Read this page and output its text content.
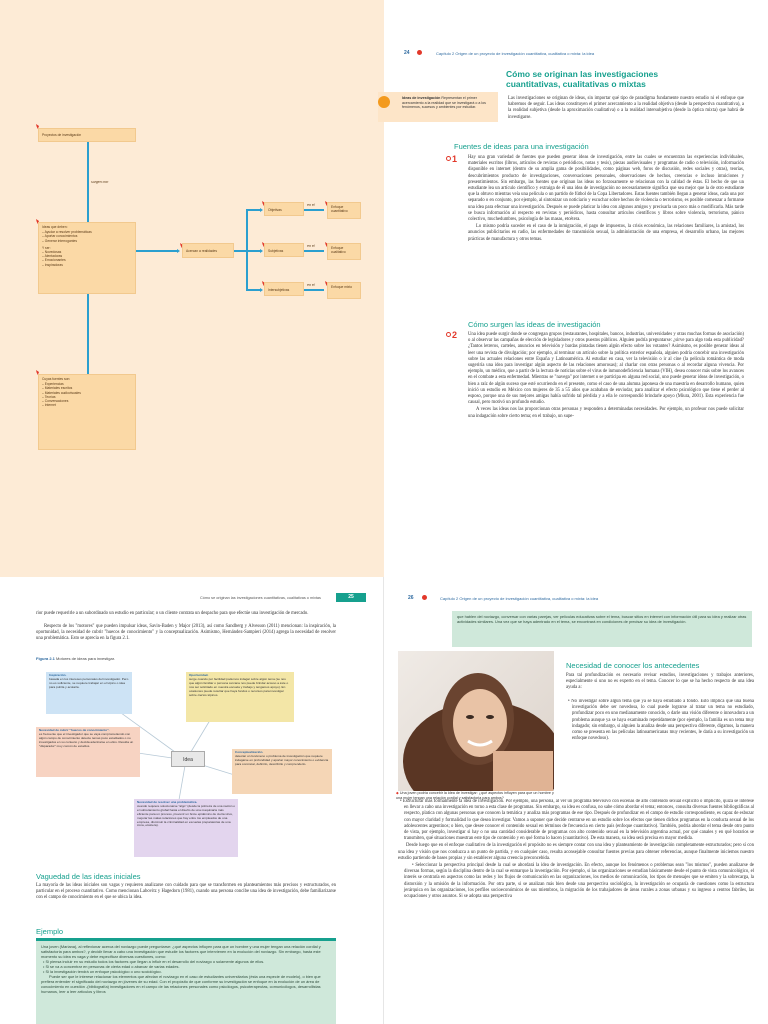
Proyectos de investigación
surgen con
Ideas que deben:
– Ayudar a resolver problemáticas
– Aportar conocimientos
– Generar interrogantes
Y ser:
– Novedosas
– Alentadoras
– Emocionantes
– Inspiradoras
Acercan a realidades
Objetivas
Subjetivas
Intersubjetivas
en el
en el
en el
Enfoque cuantitativo
Enfoque cualitativo
Enfoque mixto
Cuyas fuentes son:
– Experiencias
– Materiales escritos
– Materiales audiovisuales
– Teorías
– Conversaciones
– Internet
24	Capítulo 2 Origen de un proyecto de investigación cuantitativa, cualitativa o mixta: la idea
Cómo se originan las investigaciones cuantitativas, cualitativas o mixtas
Ideas de investigación Representan el primer acercamiento a la realidad que se investigará o a los fenómenos, sucesos y ambientes por estudiar.
Las investigaciones se originan de ideas, sin importar qué tipo de paradigma fundamente nuestro estudio ni el enfoque que habremos de seguir. Las ideas constituyen el primer acercamiento a la realidad objetiva (desde la perspectiva cuantitativa), a la realidad subjetiva (desde la aproximación cualitativa) o a la realidad intersubjetiva (desde la óptica mixta) que habrá de investigarse.
Fuentes de ideas para una investigación
1 Hay una gran variedad de fuentes que pueden generar ideas de investigación, entre las cuales se encuentran las experiencias individuales, materiales escritos (libros, artículos de revistas o periódicos, notas y tesis), piezas audiovisuales y programas de radio o televisión, información disponible en internet (dentro de su amplia gama de posibilidades, como páginas web, foros de discusión, redes sociales y otras), teorías, descubrimientos producto de investigaciones, conversaciones personales, observaciones de hechos, creencias e incluso intuiciones y presentimientos. Sin embargo, las fuentes que originan las ideas no forzosamente se relacionan con la calidad de éstas. El hecho de que un estudiante lea un artículo científico y extraiga de él una idea de investigación no necesariamente significa que sea mejor que la de otro estudiante que la obtuvo mientras veía una película o un partido de fútbol de la Copa Libertadores. Estas fuentes también llegan a generar ideas, cada una por separado o en conjunto, por ejemplo, al sintonizar un noticiario y escuchar sobre hechos de violencia o terrorismo, es posible comenzar a formarse una idea para efectuar una investigación. Después se puede platicar la idea con algunos amigos y precisarla un poco más o modificarla. Más tarde se busca información al respecto en revistas y periódicos, hasta consultar artículos científicos y libros sobre violencia, terrorismo, pánico colectivo, muchedumbres, psicología de las masas, etcétera.

Lo mismo podría suceder en el caso de la inmigración, el pago de impuestos, la crisis económica, las relaciones familiares, la amistad, los anuncios publicitarios en radio, las enfermedades de transmisión sexual, la administración de una empresa, el desarrollo urbano, las mejores prácticas de manufactura y otros temas.

Cómo surgen las ideas de investigación
2 Una idea puede surgir donde se congregan grupos (restaurantes, hospitales, bancos, industrias, universidades y otras muchas formas de asociación) o al observar las campañas de elección de legisladores y otros puestos públicos. Alguien podría preguntarse: ¿sirve para algo toda esta publicidad? ¿Tantos letreros, carteles, anuncios en televisión y bardas pintadas tienen algún efecto sobre los votantes? Asimismo, es posible generar ideas al leer una revista de divulgación; por ejemplo, al terminar un artículo sobre la política exterior española, alguien podría concebir una investigación sobre las actuales relaciones entre España y Latinoamérica. Al estudiar en casa, ver la televisión o ir al cine (la película romántica de moda sugeriría una idea para investigar algún aspecto de las relaciones amorosas); al charlar con otras personas o al recordar alguna vivencia. Por ejemplo, un médico, que a partir de la lectura de noticias sobre el virus de inmunodeficiencia humana (VIH), desea conocer más sobre los avances en el combate a esta enfermedad. Mientras se "navega" por internet o se participa en alguna red social, uno puede generar ideas de investigación, o bien a raíz de algún suceso que esté ocurriendo en el presente, como el caso de una alumna japonesa de una maestría en desarrollo humano, quien inició un estudio en México con mujeres de 35 a 55 años que acababan de enviudar, para analizar el efecto psicológico que tiene el perder al esposo, porque una de sus mejores amigas había sufrido tal pérdida y a ella le correspondió brindarle apoyo (Miura, 2001). Esta experiencia fue causal, pero motivó un profundo estudio.

A veces las ideas nos las proporcionan otras personas y responden a determinadas necesidades. Por ejemplo, un profesor nos puede solicitar una indagación sobre cierto tema; en el trabajo, un supe-

Cómo se originan las investigaciones cuantitativas, cualitativas o mixtas	25
rior puede requerirle a un subordinado un estudio en particular; o un cliente contrata un despacho para que efectúe una investigación de mercado.
Respecto de los "motores" que pueden impulsar ideas, Savin-Baden y Major (2013), así como Sandberg y Alvesson (2011) mencionan: la inspiración, la oportunidad, la necesidad de cubrir "huecos de conocimiento" y la conceptualización. Asimismo, Hernández-Sampieri (2014) agrega la necesidad de resolver una problemática. Esto se aprecia en la figura 2.1.
Figura 2.1 Motores de ideas para investigar.
Inspiración.
basada en los intereses personales del investigador. Pero no es suficiente, se requiere trabajar en el tópico o idea para pulirla y acotarla.
Oportunidad.
surge cuando por facilidad podemos indagar sobre algún tema (se nos que algún familiar o persona cercana nos puede brindar acceso a éste o nos ser solicitado en nuestra escuela y trabajo y tengamos apoyo). En ocasiones puede resultar que haya fondos o recursos para investigar sobre ciertos tópicos.
Necesidad de cubrir "huecos de conocimiento".
es frecuente que el investigador que se vaya comprometiendo con algún campo de conocimiento detecte temas poco estudiados o no investigados en su contexto y decida adentrarse en ellos. Resulta un "disparador" muy común de estudios.
Idea
Conceptualización.
detectar un fenómeno o problema de investigación que requiere indagarse en profundidad y aportar mayor conocimiento o evidencia para concretar, definirlo, describirlo y comprenderlo.
Necesidad de resolver una problemática.
cuando requiere solucionarse "algo" (desde la pobreza de una nación o el sobrelamiento global hasta el diseño de una maquinaria más eficiente para un proceso, prevenir un brote epidémico de cierta virus, mejorar las malas relaciones que hay entre los empleados de una empresa, disminuir la criminalidad en escuelas preparatorias de una zona, etcétera).
Vaguedad de las ideas iniciales
La mayoría de las ideas iniciales son vagas y requieren analizarse con cuidado para que se transformen en planteamientos más precisos y estructurados, en particular en el proceso cuantitativo. Como mencionan Labovitz y Hagedorn (1981), cuando una persona concibe una idea de investigación, debe familiarizarse con el campo de conocimiento en el que se ubica la idea.
Ejemplo
Una joven (Mariana), al reflexionar acerca del noviazgo puede preguntarse: ¿qué aspectos influyen para que un hombre y una mujer tengan una relación cordial y satisfactoria para ambos?, y decidir llevar a cabo una investigación que estudie los factores que intervienen en la evolución del noviazgo. Sin embargo, hasta este momento su idea es vaga y debe especificar diversas cuestiones, como:
• Si piensa incluir en su estudio todos los factores que llegan a influir en el desarrollo del noviazgo o solamente algunos de ellos.
• Si se va a concentrar en personas de cierta edad o abarcar de varias edades.
• Si la investigación tendrá un enfoque psicológico o uno sociológico.
Puede ser que le interese relacionar los elementos que afectan el noviazgo en el caso de estudiantes universitarios (ésta una especie de modelo), o bien que prefiera entender el significado del noviazgo en jóvenes de su edad. Con el propósito de que conforme su investigación se enfoque en la evolución de un área de conocimiento en cuestión -(bibliografía) investigadores en el campo de las relaciones personales como psicólogos, psicoterapeutas, comunicólogos, desarrollistas humanos, leer a leer artículos y libros
26	Capítulo 2 Origen de un proyecto de investigación cuantitativa, cualitativa o mixta: la idea
que hablen del noviazgo, conversar con varias parejas, ver películas educativas sobre el tema, buscar sitios en internet con información útil para su idea y realizar otras actividades similares. Una vez que se haya adentrado en el tema, se encontrará en condiciones de precisar su idea de investigación.
◆ Una joven podría concebir la idea de investigar: ¿qué aspectos influyen para que un hombre y una mujer tengan una relación cordial y satisfactoria para ambos?
Necesidad de conocer los antecedentes
Para tal profundización es necesario revisar estudios, investigaciones y trabajos anteriores, especialmente si uno no es experto en el tema. Conocer lo que se ha hecho respecto de una idea ayuda a:
• No investigar sobre algún tema que ya se haya estudiado a fondo. Esto implica que una buena investigación debe ser novedosa, lo cual puede lograrse al tratar un tema no estudiado, profundizar poco en uno medianamente conocido, o darle una visión diferente o innovadora a un problema aunque ya se haya examinado repetidamente (por ejemplo, la familia es un tema muy indagado; sin embargo, si alguien la analiza desde una perspectiva diferente, digamos, la manera como se presenta en las películas latinoamericanas muy recientes, le daría a su investigación un enfoque novedoso).

• Estructurar más formalmente la idea de investigación. Por ejemplo, una persona, al ver un programa televisivo con escenas de alto contenido sexual explícito o implícito, quizá se interese en llevar a cabo una investigación en torno a esta clase de programas. Sin embargo, su idea es confusa, no sabe cómo abordar el tema; entonces, consulta diversas fuentes bibliográficas al respecto, platica con algunas personas que conocen la temática y analiza más programas de ese tipo. Después de profundizar en el campo de estudio correspondiente, es capaz de esbozar con mayor claridad y formalidad lo que desea investigar. Vamos a suponer que decide centrarse en un estudio sobre los efectos que tienen dichos programas en la conducta sexual de los adolescentes argentinos; o bien, que desee conocer el contenido sexual en términos de frecuencia en cierto país (enfoque cuantitativo). También, podría abordar el tema desde otro punto de vista, por ejemplo, investigar si hay o no una cantidad considerable de programas con alto contenido sexual en la televisión argentina actual, por qué canales y en qué horarios se transmiten, qué situaciones muestran este tipo de contenido y en qué forma lo hacen (cuantitativo). De esta manera, su idea será precisa en mayor medida.

Desde luego que en el enfoque cualitativo de la investigación el propósito no es siempre contar con una idea y planteamiento de investigación completamente estructurados; pero sí con una idea y visión que nos conduzca a un punto de partida, y en cualquier caso, resulta aconsejable consultar fuentes previas para obtener referencias, aunque finalmente iniciemos nuestro estudio partiendo de bases propias y sin establecer alguna creencia preconcebida.

• Seleccionar la perspectiva principal desde la cual se abordará la idea de investigación. En efecto, aunque los fenómenos o problemas sean "los mismos", pueden analizarse de diversas formas, según la disciplina dentro de la cual se enmarque la investigación. Por ejemplo, si las organizaciones se estudian básicamente desde el punto de vista comunicológico, el interés se centraría en aspectos como las redes y los flujos de comunicación en las organizaciones, los medios de comunicación, los tipos de mensajes que se emiten y la sobrecarga, la distorsión y la omisión de la información. Por otra parte, si se analizan más bien desde una perspectiva sociológica, la investigación se ocuparía de cuestiones como la estructura jerárquica en las organizaciones, los perfiles socioeconómicos de sus miembros, la migración de los trabajadores de áreas rurales a zonas urbanas y su ingreso a centros fabriles, las ocupaciones y otros asuntos. Si se adopta una perspectiva
